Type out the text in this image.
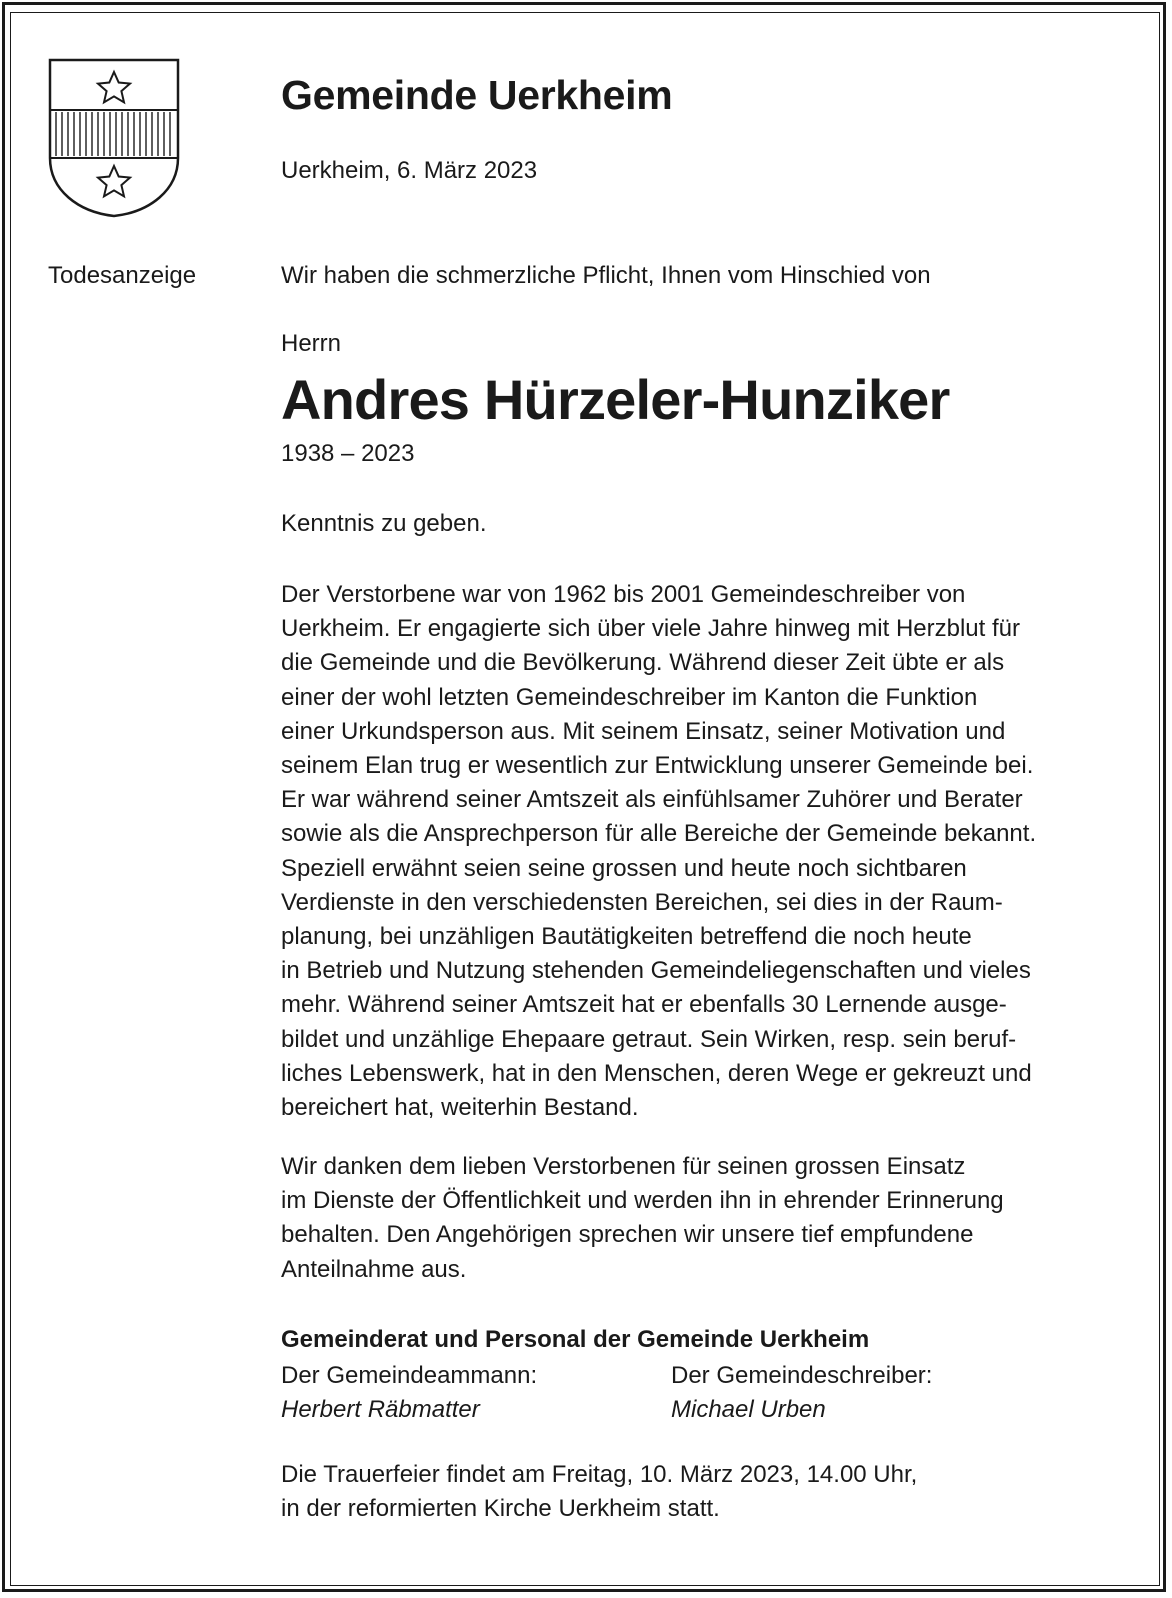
Todesanzeige
Gemeinde Uerkheim
Uerkheim, 6. März 2023
Wir haben die schmerzliche Pflicht, Ihnen vom Hinschied von
Herrn
Andres Hürzeler-Hunziker
1938 – 2023
Kenntnis zu geben.
Der Verstorbene war von 1962 bis 2001 Gemeindeschreiber von
Uerkheim. Er engagierte sich über viele Jahre hinweg mit Herzblut für
die Gemeinde und die Bevölkerung. Während dieser Zeit übte er als
einer der wohl letzten Gemeindeschreiber im Kanton die Funktion
einer Urkundsperson aus. Mit seinem Einsatz, seiner Motivation und
seinem Elan trug er wesentlich zur Entwicklung unserer Gemeinde bei.
Er war während seiner Amtszeit als einfühlsamer Zuhörer und Berater
sowie als die Ansprechperson für alle Bereiche der Gemeinde bekannt.
Speziell erwähnt seien seine grossen und heute noch sichtbaren
Verdienste in den verschiedensten Bereichen, sei dies in der Raum-
planung, bei unzähligen Bautätigkeiten betreffend die noch heute
in Betrieb und Nutzung stehenden Gemeindeliegenschaften und vieles
mehr. Während seiner Amtszeit hat er ebenfalls 30 Lernende ausge-
bildet und unzählige Ehepaare getraut. Sein Wirken, resp. sein beruf-
liches Lebenswerk, hat in den Menschen, deren Wege er gekreuzt und
bereichert hat, weiterhin Bestand.
Wir danken dem lieben Verstorbenen für seinen grossen Einsatz
im Dienste der Öffentlichkeit und werden ihn in ehrender Erinnerung
behalten. Den Angehörigen sprechen wir unsere tief empfundene
Anteilnahme aus.
Gemeinderat und Personal der Gemeinde Uerkheim
Der Gemeindeammann:
Herbert Räbmatter
Der Gemeindeschreiber:
Michael Urben
Die Trauerfeier findet am Freitag, 10. März 2023, 14.00 Uhr,
in der reformierten Kirche Uerkheim statt.
